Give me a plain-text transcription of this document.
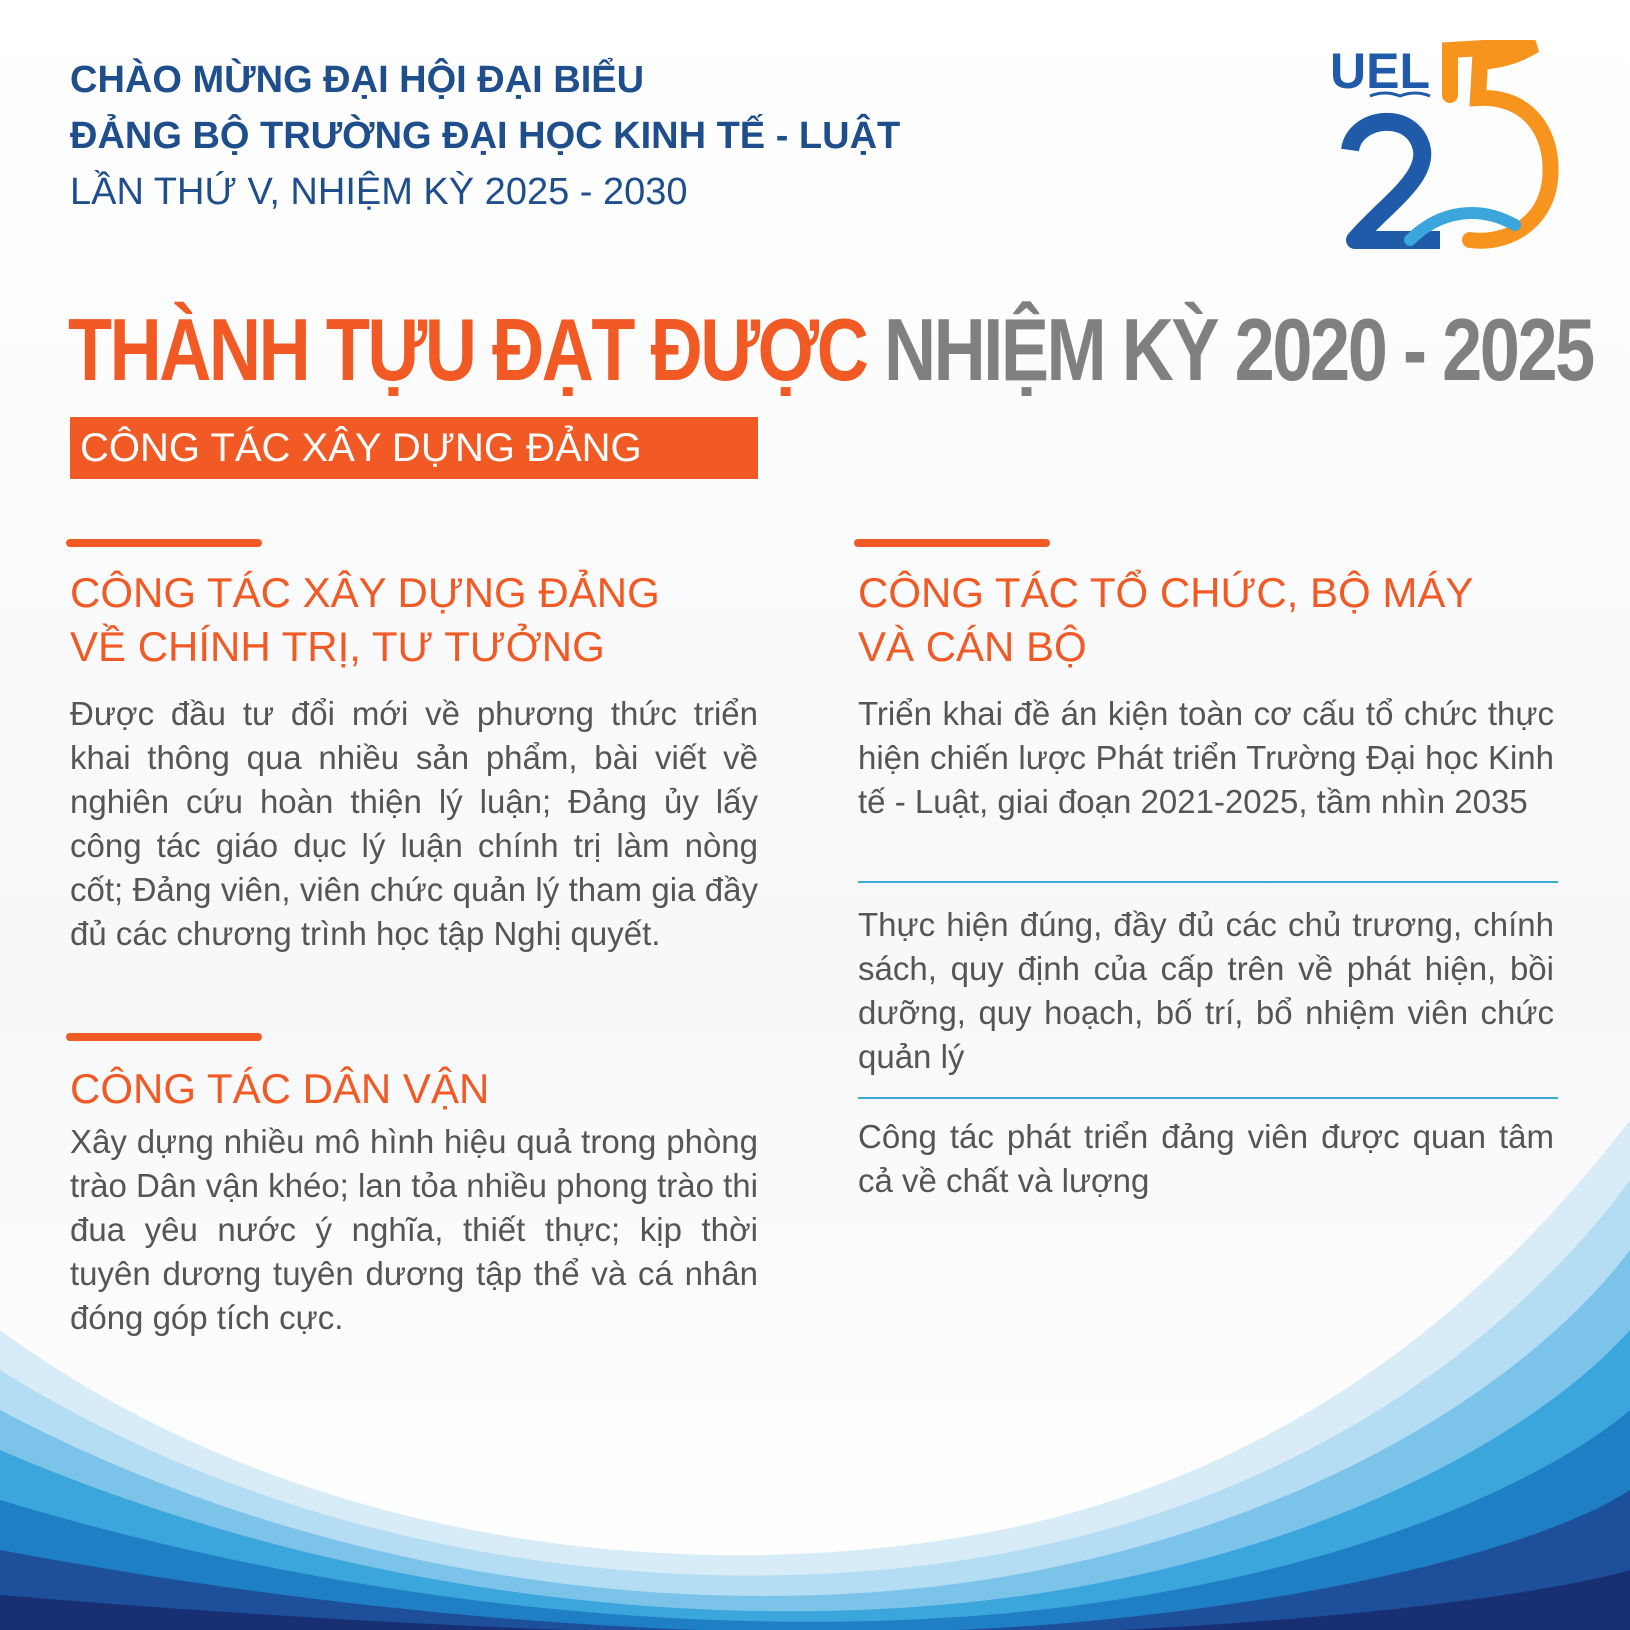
CHÀO MỪNG ĐẠI HỘI ĐẠI BIỂU
ĐẢNG BỘ TRƯỜNG ĐẠI HỌC KINH TẾ - LUẬT
LẦN THỨ V, NHIỆM KỲ 2025 - 2030
UEL
THÀNH TỰU ĐẠT ĐƯỢC NHIỆM KỲ 2020 - 2025
CÔNG TÁC XÂY DỰNG ĐẢNG
CÔNG TÁC XÂY DỰNG ĐẢNG
VỀ CHÍNH TRỊ, TƯ TƯỞNG
Được đầu tư đổi mới về phương thức triển khai thông qua nhiều sản phẩm, bài viết về nghiên cứu hoàn thiện lý luận; Đảng ủy lấy công tác giáo dục lý luận chính trị làm nòng cốt; Đảng viên, viên chức quản lý tham gia đầy đủ các chương trình học tập Nghị quyết.
CÔNG TÁC DÂN VẬN
Xây dựng nhiều mô hình hiệu quả trong phòng trào Dân vận khéo; lan tỏa nhiều phong trào thi đua yêu nước ý nghĩa, thiết thực; kịp thời tuyên dương tuyên dương tập thể và cá nhân đóng góp tích cực.
CÔNG TÁC TỔ CHỨC, BỘ MÁY
VÀ CÁN BỘ
Triển khai đề án kiện toàn cơ cấu tổ chức thực hiện chiến lược Phát triển Trường Đại học Kinh tế - Luật, giai đoạn 2021-2025, tầm nhìn 2035
Thực hiện đúng, đầy đủ các chủ trương, chính sách, quy định của cấp trên về phát hiện, bồi dưỡng, quy hoạch, bố trí, bổ nhiệm viên chức quản lý
Công tác phát triển đảng viên được quan tâm cả về chất và lượng
